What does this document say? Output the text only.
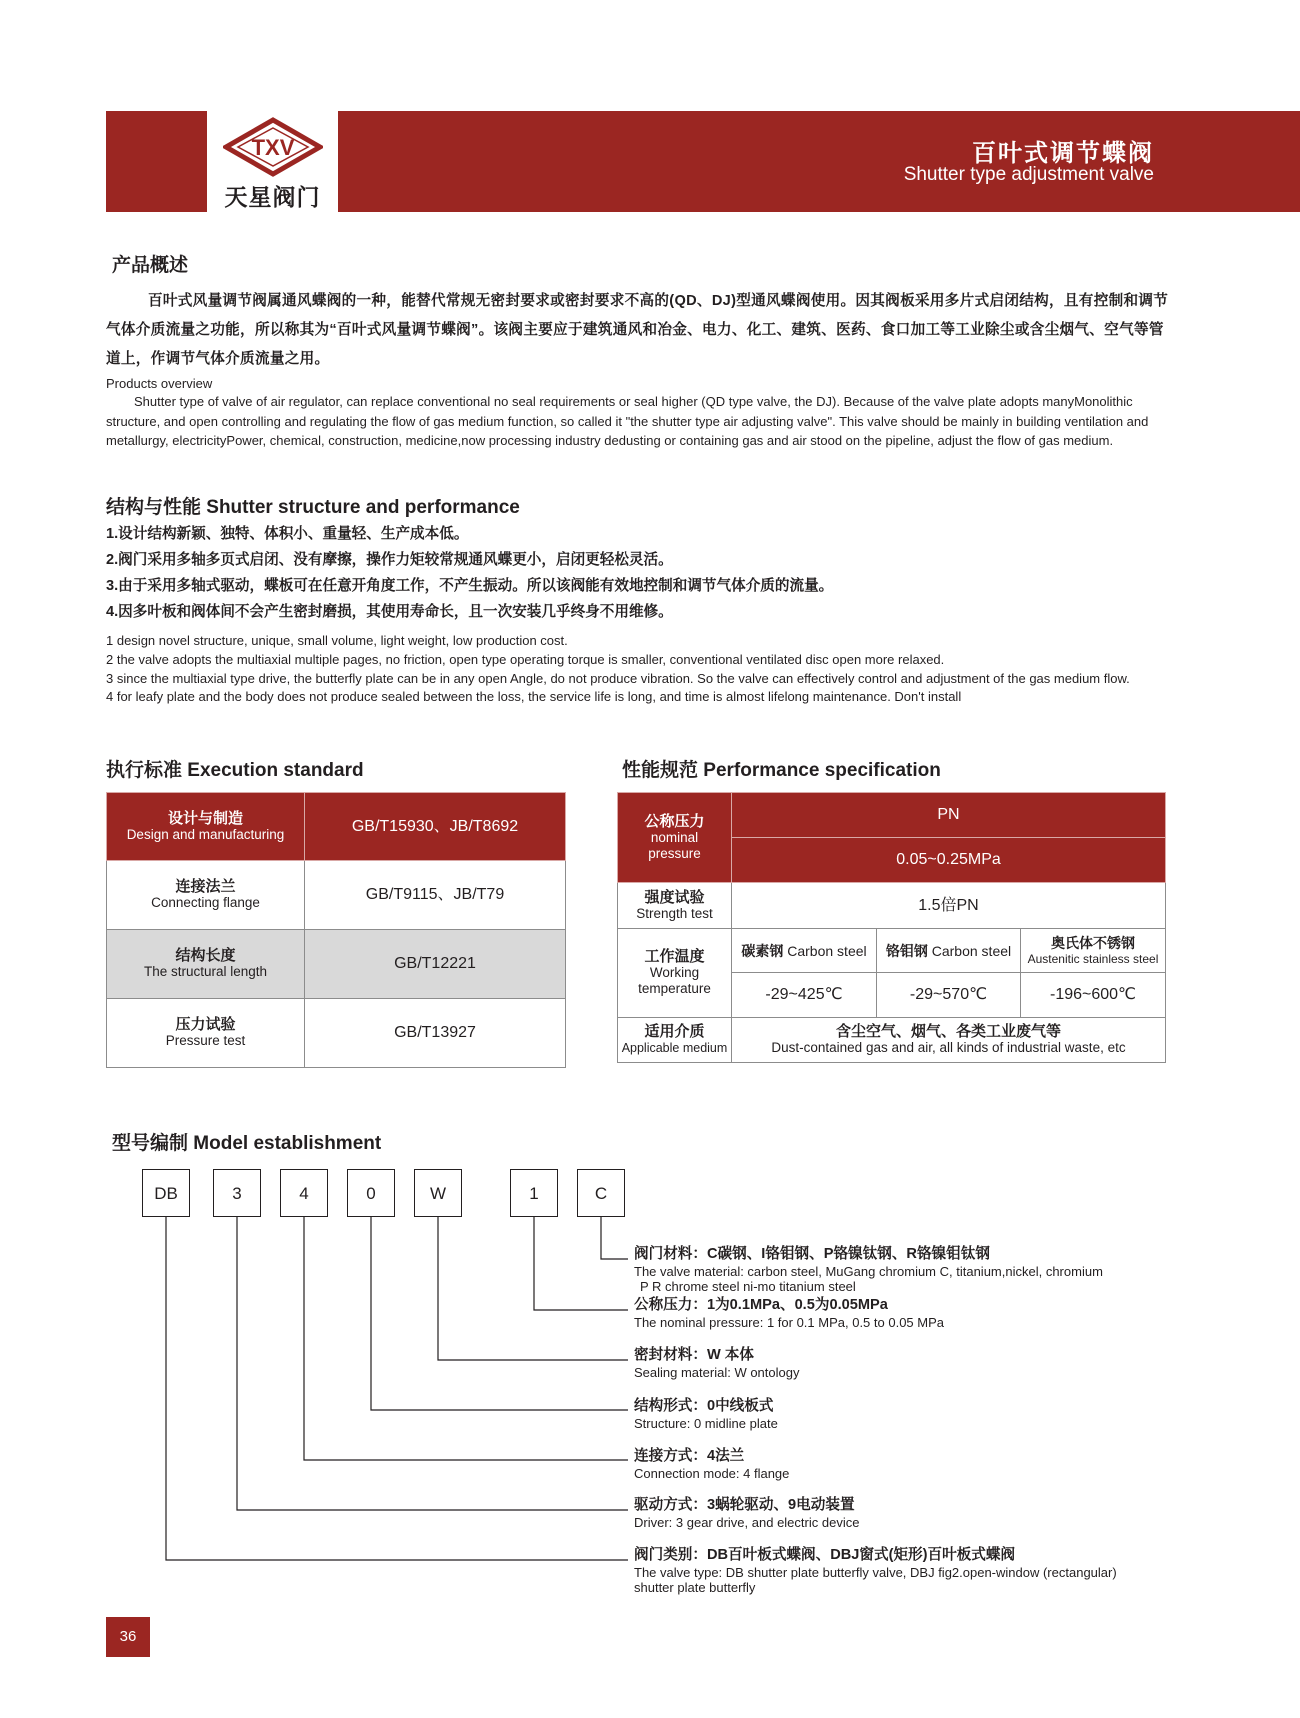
TXV
天星阀门
百叶式调节蝶阀
Shutter type adjustment valve
产品概述
百叶式风量调节阀属通风蝶阀的一种，能替代常规无密封要求或密封要求不高的(QD、DJ)型通风蝶阀使用。因其阀板采用多片式启闭结构，且有控制和调节气体介质流量之功能，所以称其为“百叶式风量调节蝶阀”。该阀主要应于建筑通风和冶金、电力、化工、建筑、医药、食口加工等工业除尘或含尘烟气、空气等管道上，作调节气体介质流量之用。
Products overview
Shutter type of valve of air regulator, can replace conventional no seal requirements or seal higher (QD type valve, the DJ). Because of the valve plate adopts manyMonolithic structure, and open controlling and regulating the flow of gas medium function, so called it "the shutter type air adjusting valve". This valve should be mainly in building ventilation and metallurgy, electricityPower, chemical, construction, medicine,now processing industry dedusting or containing gas and air stood on the pipeline, adjust the flow of gas medium.
结构与性能 Shutter structure and performance
1.设计结构新颖、独特、体积小、重量轻、生产成本低。
2.阀门采用多轴多页式启闭、没有摩擦，操作力矩较常规通风蝶更小，启闭更轻松灵活。
3.由于采用多轴式驱动，蝶板可在任意开角度工作，不产生振动。所以该阀能有效地控制和调节气体介质的流量。
4.因多叶板和阀体间不会产生密封磨损，其使用寿命长，且一次安装几乎终身不用维修。
1 design novel structure, unique, small volume, light weight, low production cost.
2 the valve adopts the multiaxial multiple pages, no friction, open type operating torque is smaller, conventional ventilated disc open more relaxed.
3 since the multiaxial type drive, the butterfly plate can be in any open Angle, do not produce vibration. So the valve can effectively control and adjustment of the gas medium flow.
4 for leafy plate and the body does not produce sealed between the loss, the service life is long, and time is almost lifelong maintenance. Don't install
执行标准 Execution standard
设计与制造
Design and manufacturing	GB/T15930、JB/T8692

连接法兰
Connecting flange	GB/T9115、JB/T79

结构长度
The structural length	GB/T12221

压力试验
Pressure test	GB/T13927
性能规范 Performance specification
公称压力
nominal pressure	PN		
	0.05~0.25MPa		

强度试验
Strength test	1.5倍PN		

工作温度
Working temperature	碳素钢 Carbon steel	铬钼钢 Carbon steel	奥氏体不锈钢
Austenitic stainless steel

	-29~425℃	-29~570℃	-196~600℃

适用介质
Applicable medium	含尘空气、烟气、各类工业废气等
Dust-contained gas and air, all kinds of industrial waste, etc		
型号编制 Model establishment
DB	3	4	0	W	1	C
阀门材料：C碳钢、I铬钼钢、P铬镍钛钢、R铬镍钼钛钢
The valve material: carbon steel, MuGang chromium C, titanium,nickel, chromium
P R chrome steel ni-mo titanium steel
公称压力：1为0.1MPa、0.5为0.05MPa
The nominal pressure: 1 for 0.1 MPa, 0.5 to 0.05 MPa
密封材料：W 本体
Sealing material: W ontology
结构形式：0中线板式
Structure: 0 midline plate
连接方式：4法兰
Connection mode: 4 flange
驱动方式：3蜗轮驱动、9电动装置
Driver: 3 gear drive, and electric device
阀门类别：DB百叶板式蝶阀、DBJ窗式(矩形)百叶板式蝶阀
The valve type: DB shutter plate butterfly valve, DBJ fig2.open-window (rectangular)
shutter plate butterfly
36
